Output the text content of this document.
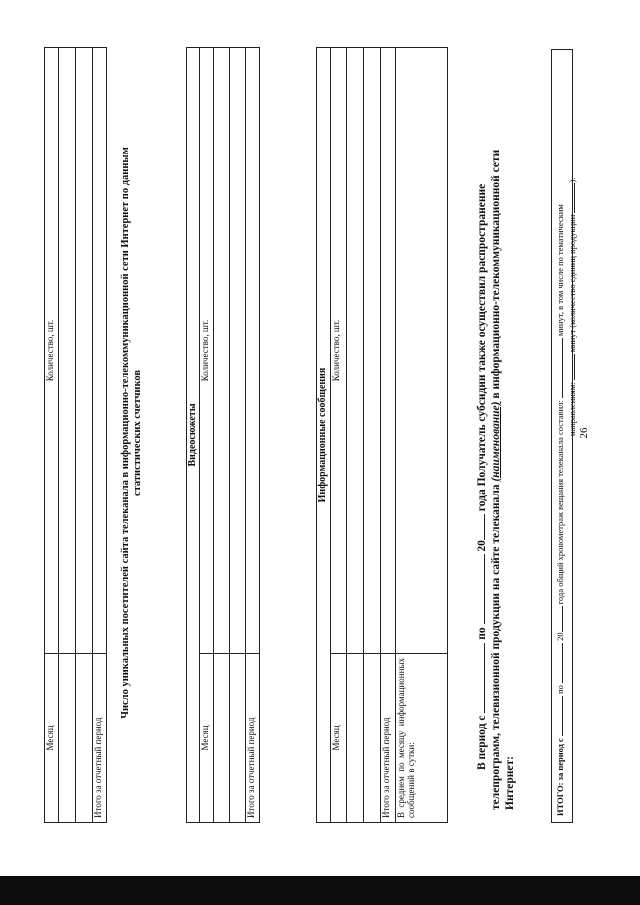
26
ИТОГО: за период с  по  20 года общий хронометраж вещания телеканала составил:  минут, в том числе по тематическим
направлениям:  минут (количество единиц продукции ).
В период с  по  20 года Получатель субсидии также осуществил распространение
телепрограмм, телевизионной продукции на сайте телеканала (наименование) в информационно-телекоммуникационной сети
Интернет:
Информационные сообщения	
Месяц	Количество, шт.

Итого за отчетный период	
В среднем по месяцу информационных сообщений в сутки:	
Видеосюжеты	
Месяц	Количество, шт.

Итого за отчетный период	
Число уникальных посетителей сайта телеканала в информационно-телекоммуникационной сети Интернет по данным статистических счетчиков
Месяц	Количество, шт.

Итого за отчетный период	
